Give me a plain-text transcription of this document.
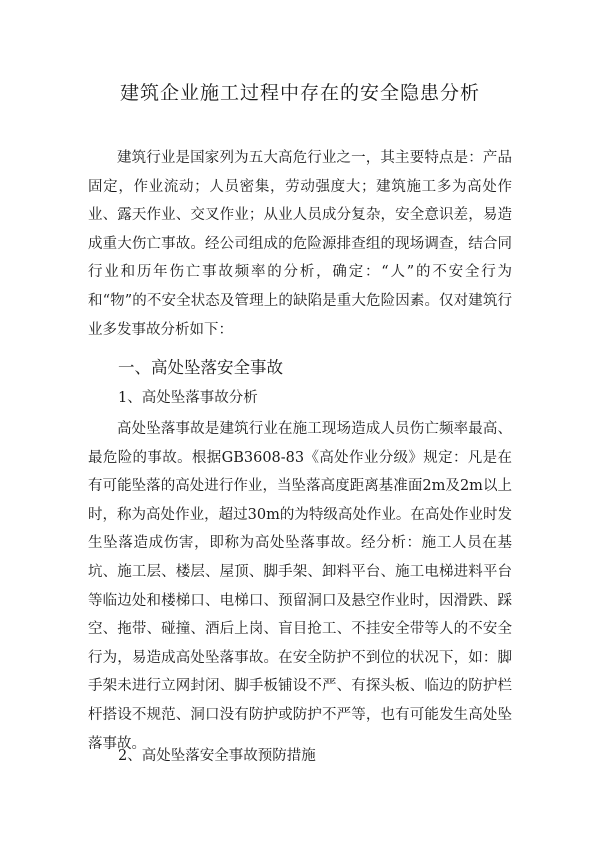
建筑企业施工过程中存在的安全隐患分析

建筑行业是国家列为五大高危行业之一，其主要特点是：产品固定，作业流动；人员密集，劳动强度大；建筑施工多为高处作业、露天作业、交叉作业；从业人员成分复杂，安全意识差，易造成重大伤亡事故。经公司组成的危险源排查组的现场调查，结合同行业和历年伤亡事故频率的分析，确定：“人”的不安全行为和“物”的不安全状态及管理上的缺陷是重大危险因素。仅对建筑行业多发事故分析如下：

一、高处坠落安全事故
1、高处坠落事故分析

高处坠落事故是建筑行业在施工现场造成人员伤亡频率最高、最危险的事故。根据GB3608-83《高处作业分级》规定：凡是在有可能坠落的高处进行作业，当坠落高度距离基准面2m及2m以上时，称为高处作业，超过30m的为特级高处作业。在高处作业时发生坠落造成伤害，即称为高处坠落事故。经分析：施工人员在基坑、施工层、楼层、屋顶、脚手架、卸料平台、施工电梯进料平台等临边处和楼梯口、电梯口、预留洞口及悬空作业时，因滑跌、踩空、拖带、碰撞、酒后上岗、盲目抢工、不挂安全带等人的不安全行为，易造成高处坠落事故。在安全防护不到位的状况下，如：脚手架未进行立网封闭、脚手板铺设不严、有探头板、临边的防护栏杆搭设不规范、洞口没有防护或防护不严等，也有可能发生高处坠落事故。

2、高处坠落安全事故预防措施
